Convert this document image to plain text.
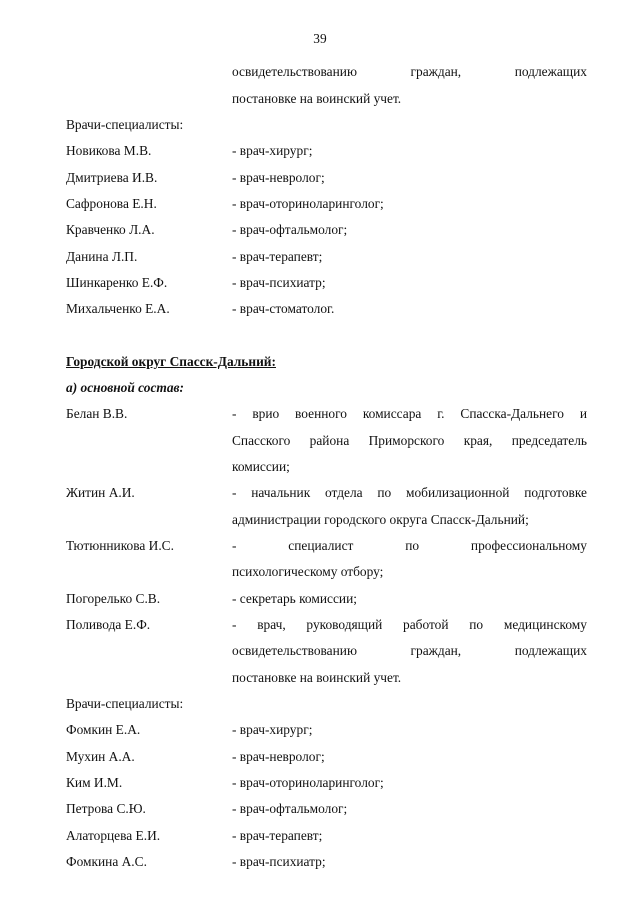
39
освидетельствованию	граждан,	подлежащих
постановке на воинский учет.
Врачи-специалисты:
Новикова М.В.	- врач-хирург;
Дмитриева И.В.	- врач-невролог;
Сафронова Е.Н.	- врач-оториноларинголог;
Кравченко Л.А.	- врач-офтальмолог;
Данина Л.П.	- врач-терапевт;
Шинкаренко Е.Ф.	- врач-психиатр;
Михальченко Е.А.	- врач-стоматолог.
Городской округ Спасск-Дальний:
а) основной состав:
Белан В.В.	- врио военного комиссара г. Спасска-Дальнего и
Спасского района Приморского края, председатель
комиссии;
Житин А.И.	- начальник отдела по мобилизационной подготовке
администрации городского округа Спасск-Дальний;
Тютюнникова И.С.	-	специалист	по	профессиональному
психологическому отбору;
Погорелько С.В.	- секретарь комиссии;
Поливода Е.Ф.	- врач, руководящий работой по медицинскому
освидетельствованию	граждан,	подлежащих
постановке на воинский учет.
Врачи-специалисты:
Фомкин Е.А.	- врач-хирург;
Мухин А.А.	- врач-невролог;
Ким И.М.	- врач-оториноларинголог;
Петрова С.Ю.	- врач-офтальмолог;
Алаторцева Е.И.	- врач-терапевт;
Фомкина А.С.	- врач-психиатр;
